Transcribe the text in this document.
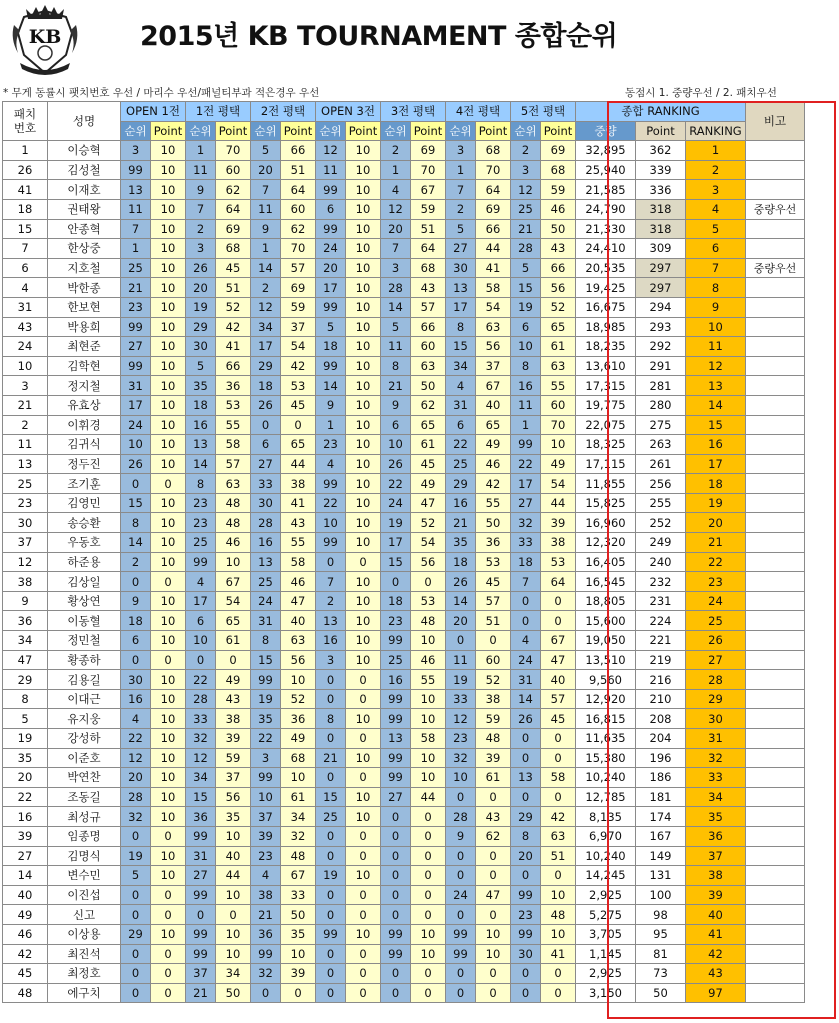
KB	2015년 KB TOURNAMENT 종합순위
* 무게 동률시 팻치번호 우선 / 마리수 우선/패널티부과 적은경우 우선	동점시 1. 중량우선 / 2. 패치우선
패치
번호	성명	OPEN 1전		1전 평택		2전 평택		OPEN 3전		3전 평택		4전 평택		5전 평택		종합 RANKING			비고
		순위	Point	순위	Point	순위	Point	순위	Point	순위	Point	순위	Point	순위	Point	중량	Point	RANKING	
1	이승혁	3	10	1	70	5	66	12	10	2	69	3	68	2	69	32,895	362	1	
26	김성철	99	10	11	60	20	51	11	10	1	70	1	70	3	68	25,940	339	2	
41	이재호	13	10	9	62	7	64	99	10	4	67	7	64	12	59	21,585	336	3	
18	권태왕	11	10	7	64	11	60	6	10	12	59	2	69	25	46	24,790	318	4	중량우선
15	안종혁	7	10	2	69	9	62	99	10	20	51	5	66	21	50	21,330	318	5	
7	한상중	1	10	3	68	1	70	24	10	7	64	27	44	28	43	24,410	309	6	
6	지호철	25	10	26	45	14	57	20	10	3	68	30	41	5	66	20,535	297	7	중량우선
4	박한종	21	10	20	51	2	69	17	10	28	43	13	58	15	56	19,425	297	8	
31	한보현	23	10	19	52	12	59	99	10	14	57	17	54	19	52	16,675	294	9	
43	박용희	99	10	29	42	34	37	5	10	5	66	8	63	6	65	18,985	293	10	
24	최현준	27	10	30	41	17	54	18	10	11	60	15	56	10	61	18,235	292	11	
10	김학현	99	10	5	66	29	42	99	10	8	63	34	37	8	63	13,610	291	12	
3	정지철	31	10	35	36	18	53	14	10	21	50	4	67	16	55	17,315	281	13	
21	유효상	17	10	18	53	26	45	9	10	9	62	31	40	11	60	19,775	280	14	
2	이휘경	24	10	16	55	0	0	1	10	6	65	6	65	1	70	22,075	275	15	
11	김귀식	10	10	13	58	6	65	23	10	10	61	22	49	99	10	18,325	263	16	
13	정두진	26	10	14	57	27	44	4	10	26	45	25	46	22	49	17,115	261	17	
25	조기훈	0	0	8	63	33	38	99	10	22	49	29	42	17	54	11,855	256	18	
23	김영민	15	10	23	48	30	41	22	10	24	47	16	55	27	44	15,825	255	19	
30	송승환	8	10	23	48	28	43	10	10	19	52	21	50	32	39	16,960	252	20	
37	우동호	14	10	25	46	16	55	99	10	17	54	35	36	33	38	12,320	249	21	
12	하준용	2	10	99	10	13	58	0	0	15	56	18	53	18	53	16,405	240	22	
38	김상일	0	0	4	67	25	46	7	10	0	0	26	45	7	64	16,545	232	23	
9	황상연	9	10	17	54	24	47	2	10	18	53	14	57	0	0	18,805	231	24	
36	이동혈	18	10	6	65	31	40	13	10	23	48	20	51	0	0	15,600	224	25	
34	정민철	6	10	10	61	8	63	16	10	99	10	0	0	4	67	19,050	221	26	
47	황종하	0	0	0	0	15	56	3	10	25	46	11	60	24	47	13,510	219	27	
29	김용길	30	10	22	49	99	10	0	0	16	55	19	52	31	40	9,560	216	28	
8	이대근	16	10	28	43	19	52	0	0	99	10	33	38	14	57	12,920	210	29	
5	유지웅	4	10	33	38	35	36	8	10	99	10	12	59	26	45	16,815	208	30	
19	강성하	22	10	32	39	22	49	0	0	13	58	23	48	0	0	11,635	204	31	
35	이준호	12	10	12	59	3	68	21	10	99	10	32	39	0	0	15,380	196	32	
20	박연찬	20	10	34	37	99	10	0	0	99	10	10	61	13	58	10,240	186	33	
22	조동길	28	10	15	56	10	61	15	10	27	44	0	0	0	0	12,785	181	34	
16	최성규	32	10	36	35	37	34	25	10	0	0	28	43	29	42	8,135	174	35	
39	임종명	0	0	99	10	39	32	0	0	0	0	9	62	8	63	6,970	167	36	
27	김명식	19	10	31	40	23	48	0	0	0	0	0	0	20	51	10,240	149	37	
14	변수민	5	10	27	44	4	67	19	10	0	0	0	0	0	0	14,245	131	38	
40	이진섭	0	0	99	10	38	33	0	0	0	0	24	47	99	10	2,925	100	39	
49	신고	0	0	0	0	21	50	0	0	0	0	0	0	23	48	5,275	98	40	
46	이상용	29	10	99	10	36	35	99	10	99	10	99	10	99	10	3,705	95	41	
42	최진석	0	0	99	10	99	10	0	0	99	10	99	10	30	41	1,145	81	42	
45	최정호	0	0	37	34	32	39	0	0	0	0	0	0	0	0	2,925	73	43	
48	에구치	0	0	21	50	0	0	0	0	0	0	0	0	0	0	3,150	50	97	
